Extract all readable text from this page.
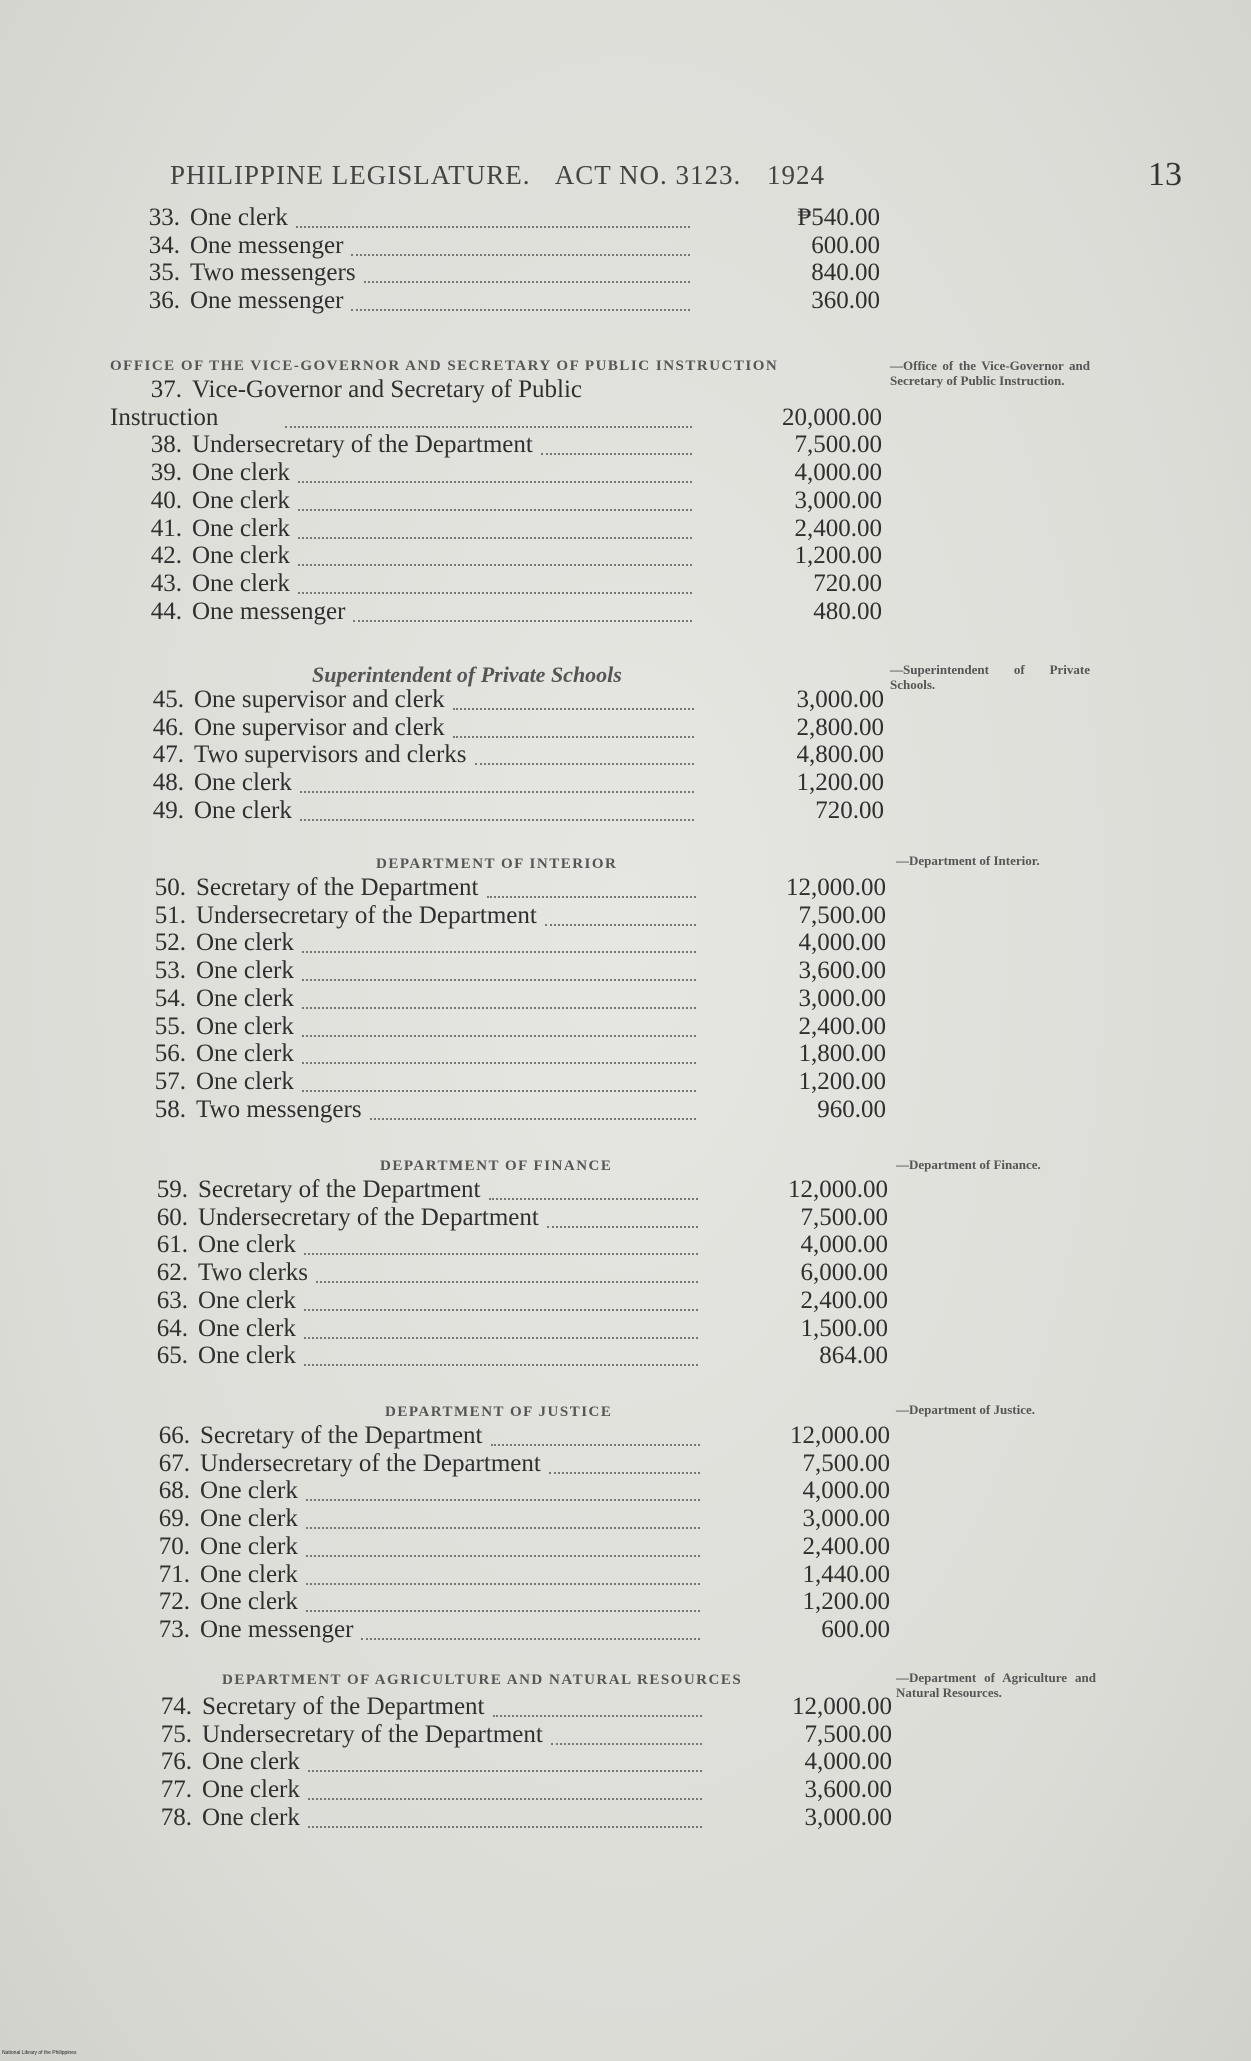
PHILIPPINE LEGISLATURE. ACT NO. 3123. 1924	13
33. One clerk	₱540.00
34. One messenger	600.00
35. Two messengers	840.00
36. One messenger	360.00
OFFICE OF THE VICE-GOVERNOR AND SECRETARY OF PUBLIC INSTRUCTION	—Office of the Vice-Governor and Secretary of Public Instruction.
37. Vice-Governor and Secretary of Public
Instruction	20,000.00
38. Undersecretary of the Department	7,500.00
39. One clerk	4,000.00
40. One clerk	3,000.00
41. One clerk	2,400.00
42. One clerk	1,200.00
43. One clerk	720.00
44. One messenger	480.00
Superintendent of Private Schools	—Superintendent of Private Schools.
45. One supervisor and clerk	3,000.00
46. One supervisor and clerk	2,800.00
47. Two supervisors and clerks	4,800.00
48. One clerk	1,200.00
49. One clerk	720.00
DEPARTMENT OF INTERIOR	—Department of Interior.
50. Secretary of the Department	12,000.00
51. Undersecretary of the Department	7,500.00
52. One clerk	4,000.00
53. One clerk	3,600.00
54. One clerk	3,000.00
55. One clerk	2,400.00
56. One clerk	1,800.00
57. One clerk	1,200.00
58. Two messengers	960.00
DEPARTMENT OF FINANCE	—Department of Finance.
59. Secretary of the Department	12,000.00
60. Undersecretary of the Department	7,500.00
61. One clerk	4,000.00
62. Two clerks	6,000.00
63. One clerk	2,400.00
64. One clerk	1,500.00
65. One clerk	864.00
DEPARTMENT OF JUSTICE	—Department of Justice.
66. Secretary of the Department	12,000.00
67. Undersecretary of the Department	7,500.00
68. One clerk	4,000.00
69. One clerk	3,000.00
70. One clerk	2,400.00
71. One clerk	1,440.00
72. One clerk	1,200.00
73. One messenger	600.00
DEPARTMENT OF AGRICULTURE AND NATURAL RESOURCES	—Department of Agriculture and Natural Resources.
74. Secretary of the Department	12,000.00
75. Undersecretary of the Department	7,500.00
76. One clerk	4,000.00
77. One clerk	3,600.00
78. One clerk	3,000.00
National Library of the Philippines
